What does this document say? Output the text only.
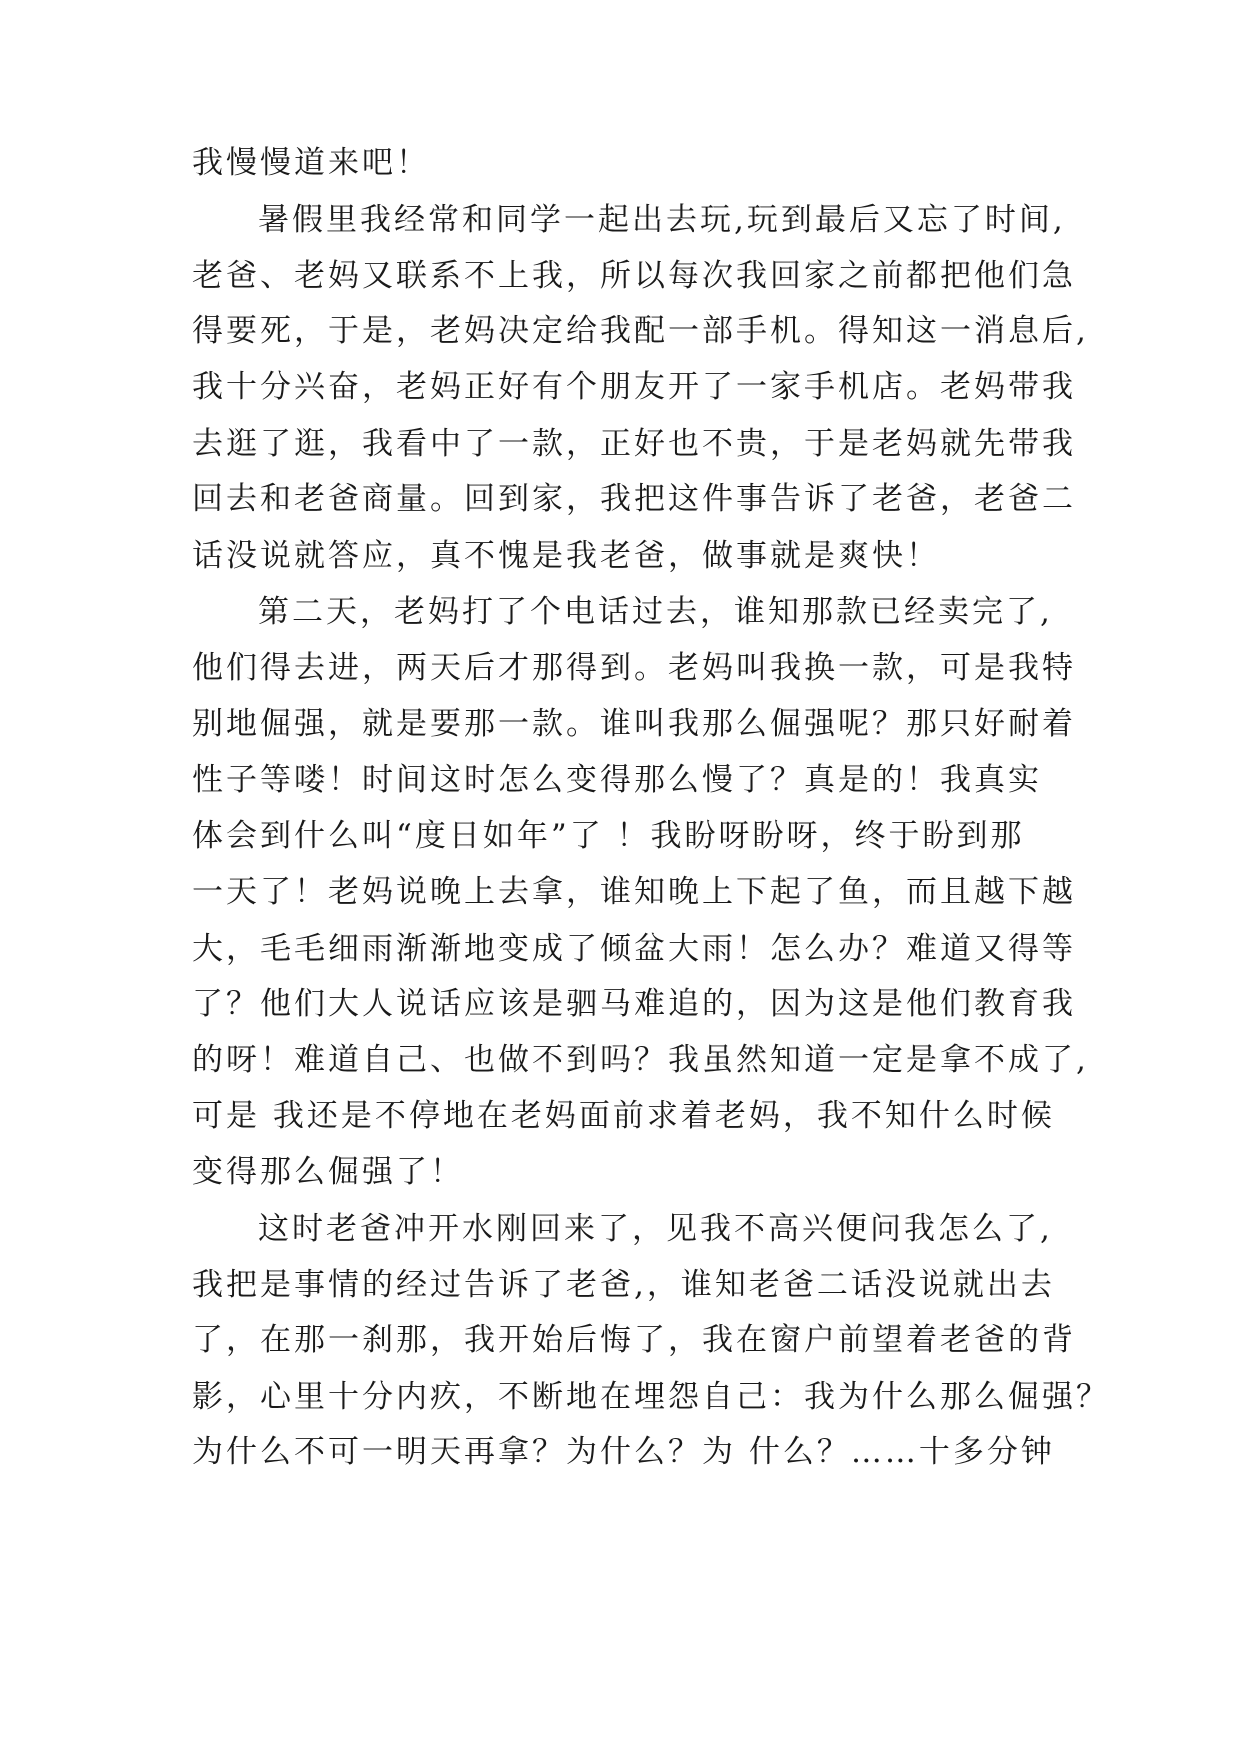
我慢慢道来吧！
暑假里我经常和同学一起出去玩,玩到最后又忘了时间,
老爸、老妈又联系不上我，所以每次我回家之前都把他们急
得要死，于是，老妈决定给我配一部手机。得知这一消息后,
我十分兴奋，老妈正好有个朋友开了一家手机店。老妈带我
去逛了逛，我看中了一款，正好也不贵，于是老妈就先带我
回去和老爸商量。回到家，我把这件事告诉了老爸，老爸二
话没说就答应，真不愧是我老爸，做事就是爽快！
第二天，老妈打了个电话过去，谁知那款已经卖完了,
他们得去进，两天后才那得到。老妈叫我换一款，可是我特
别地倔强，就是要那一款。谁叫我那么倔强呢？那只好耐着
性子等喽！时间这时怎么变得那么慢了？真是的！我真实
体会到什么叫“度日如年”了 ！我盼呀盼呀，终于盼到那
一天了！老妈说晚上去拿，谁知晚上下起了鱼，而且越下越
大，毛毛细雨渐渐地变成了倾盆大雨！怎么办？难道又得等
了？他们大人说话应该是驷马难追的，因为这是他们教育我
的呀！难道自己、也做不到吗？我虽然知道一定是拿不成了,
可是 我还是不停地在老妈面前求着老妈，我不知什么时候
变得那么倔强了！
这时老爸冲开水刚回来了，见我不高兴便问我怎么了,
我把是事情的经过告诉了老爸,，谁知老爸二话没说就出去
了，在那一刹那，我开始后悔了，我在窗户前望着老爸的背
影，心里十分内疚，不断地在埋怨自己：我为什么那么倔强？
为什么不可一明天再拿？为什么？为 什么？……十多分钟
